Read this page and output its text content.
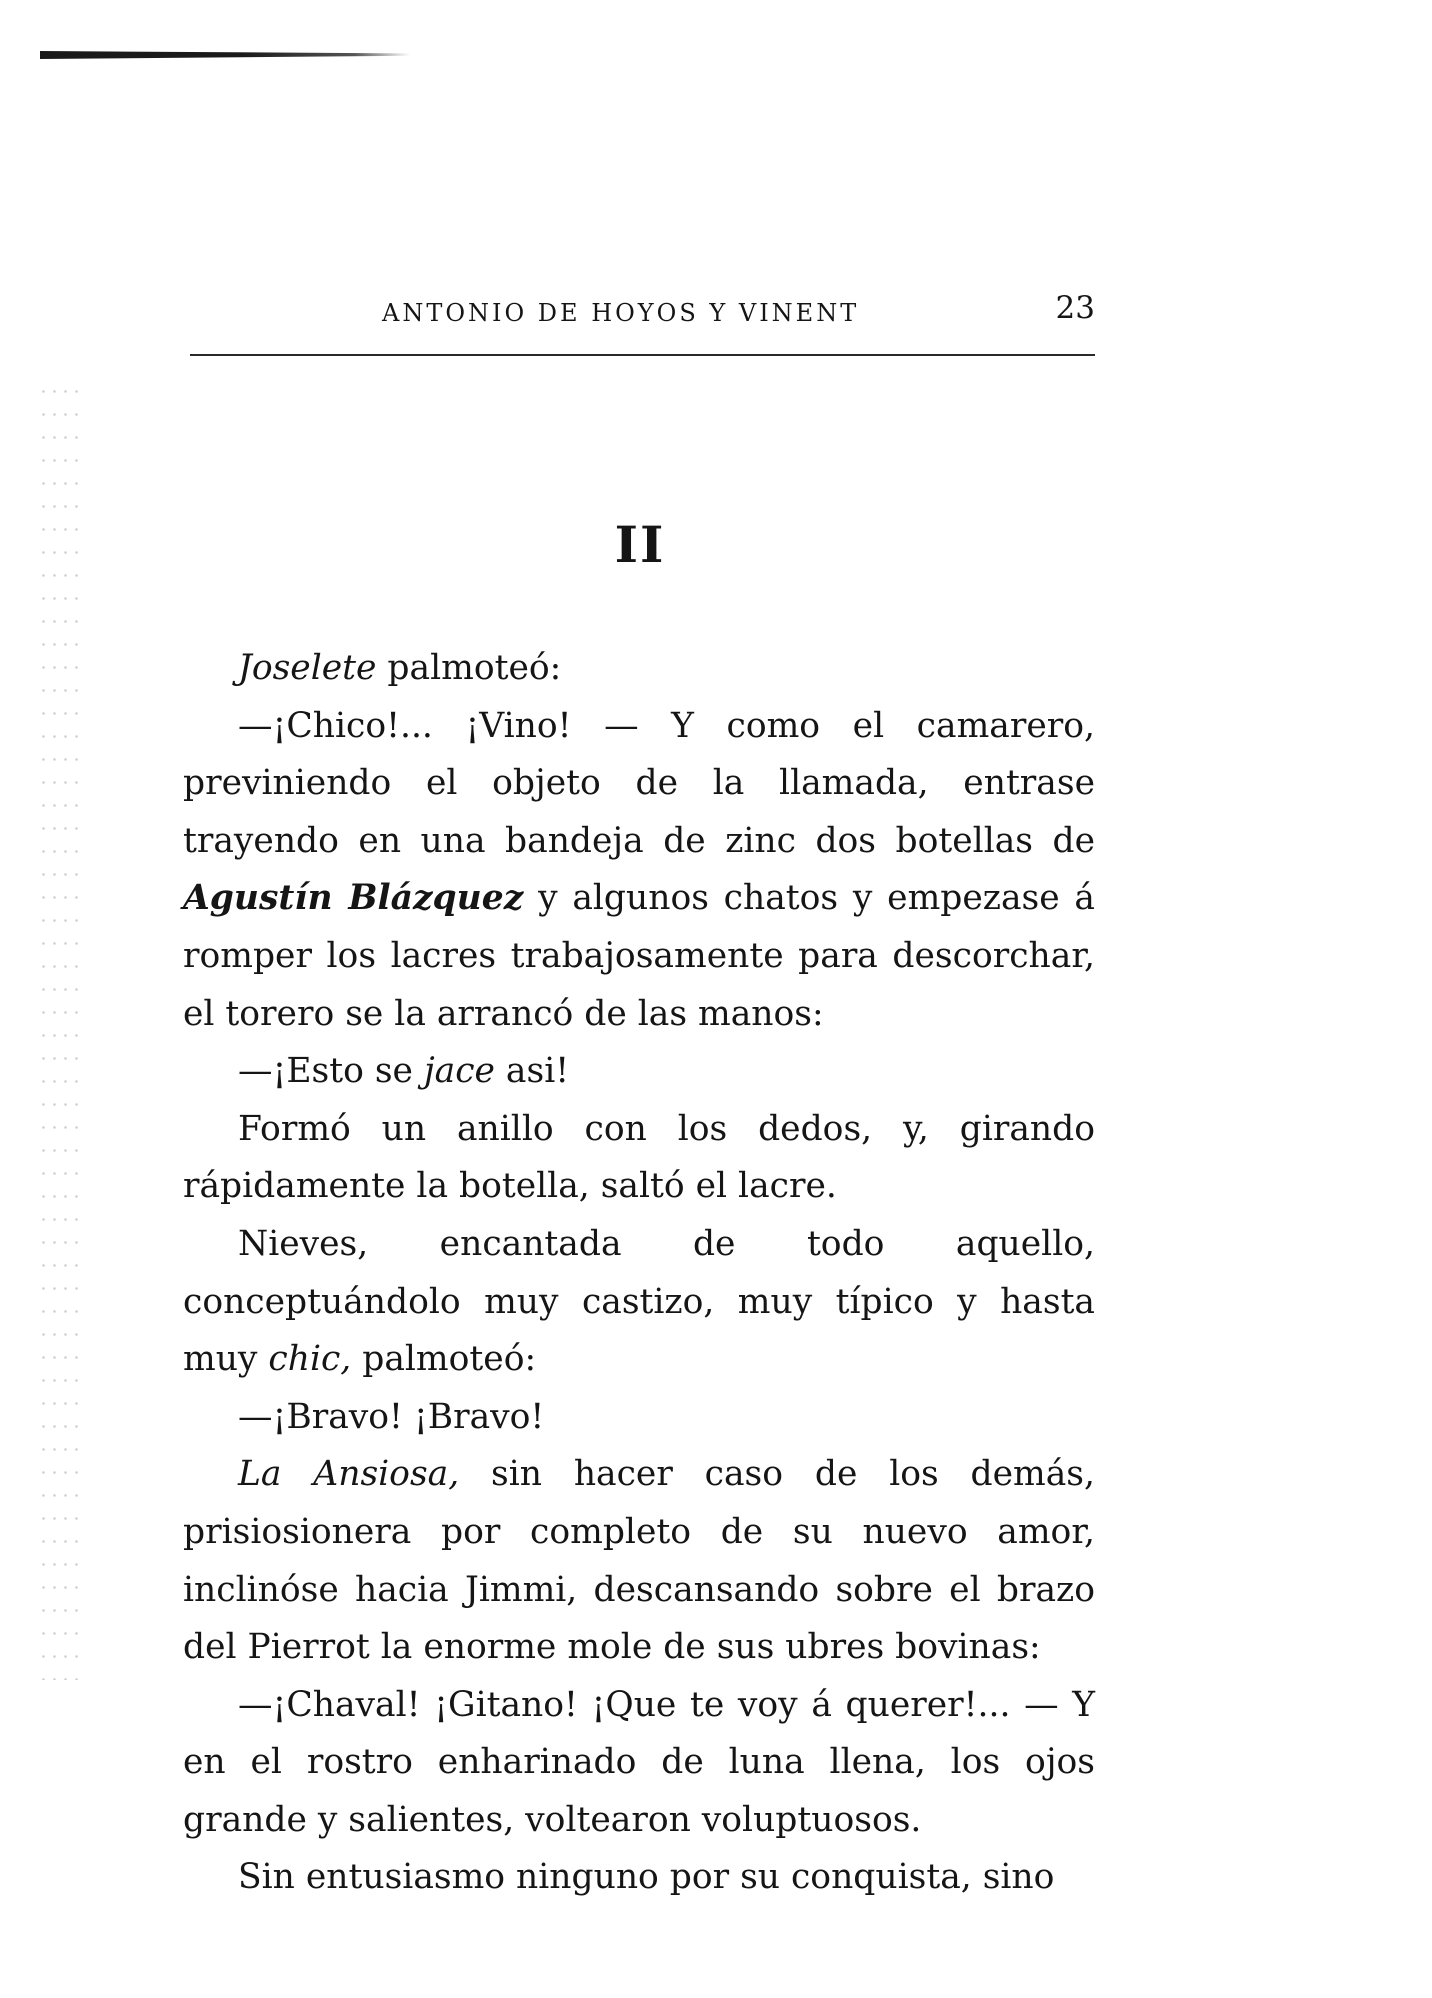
ANTONIO DE HOYOS Y VINENT	23
II

Joselete palmoteó:

—¡Chico!... ¡Vino! — Y como el camarero, previniendo el objeto de la llamada, entrase trayendo en una bandeja de zinc dos botellas de Agustín Blázquez y algunos chatos y empezase á romper los lacres trabajosamente para descorchar, el torero se la arrancó de las manos:

—¡Esto se jace asi!

Formó un anillo con los dedos, y, girando rápidamente la botella, saltó el lacre.

Nieves, encantada de todo aquello, conceptuándolo muy castizo, muy típico y hasta muy chic, palmoteó:

—¡Bravo! ¡Bravo!

La Ansiosa, sin hacer caso de los demás, prisiosionera por completo de su nuevo amor, inclinóse hacia Jimmi, descansando sobre el brazo del Pierrot la enorme mole de sus ubres bovinas:

—¡Chaval! ¡Gitano! ¡Que te voy á querer!... — Y en el rostro enharinado de luna llena, los ojos grande y salientes, voltearon voluptuosos.

Sin entusiasmo ninguno por su conquista, sino
